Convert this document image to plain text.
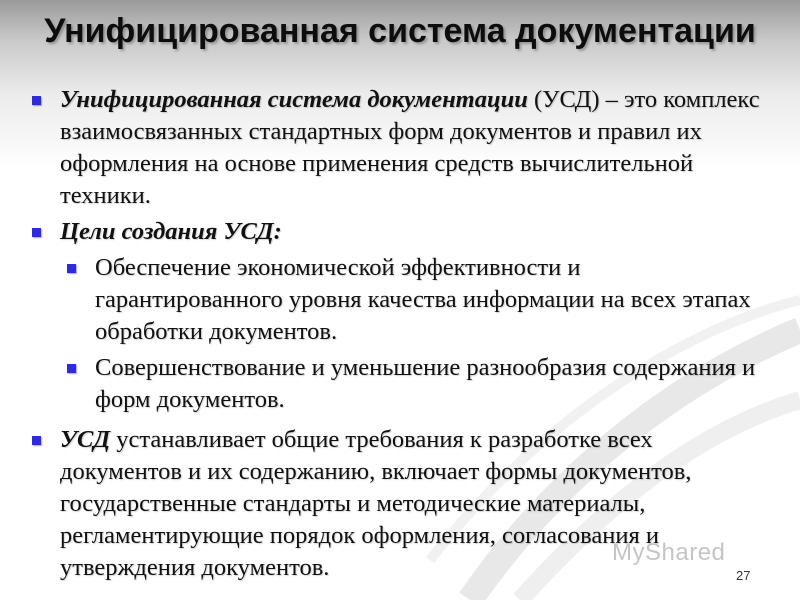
Унифицированная система документации
Унифицированная система документации (УСД) – это комплекс взаимосвязанных стандартных форм документов и правил их оформления на основе применения средств вычислительной техники.
Цели создания УСД:
Обеспечение экономической эффективности и гарантированного уровня качества информации на всех этапах обработки документов.
Совершенствование и уменьшение разнообразия содержания и форм документов.
УСД устанавливает общие требования к разработке всех документов и их содержанию, включает формы документов, государственные стандарты и методические материалы, регламентирующие порядок оформления, согласования и утверждения документов.
MyShared
27
